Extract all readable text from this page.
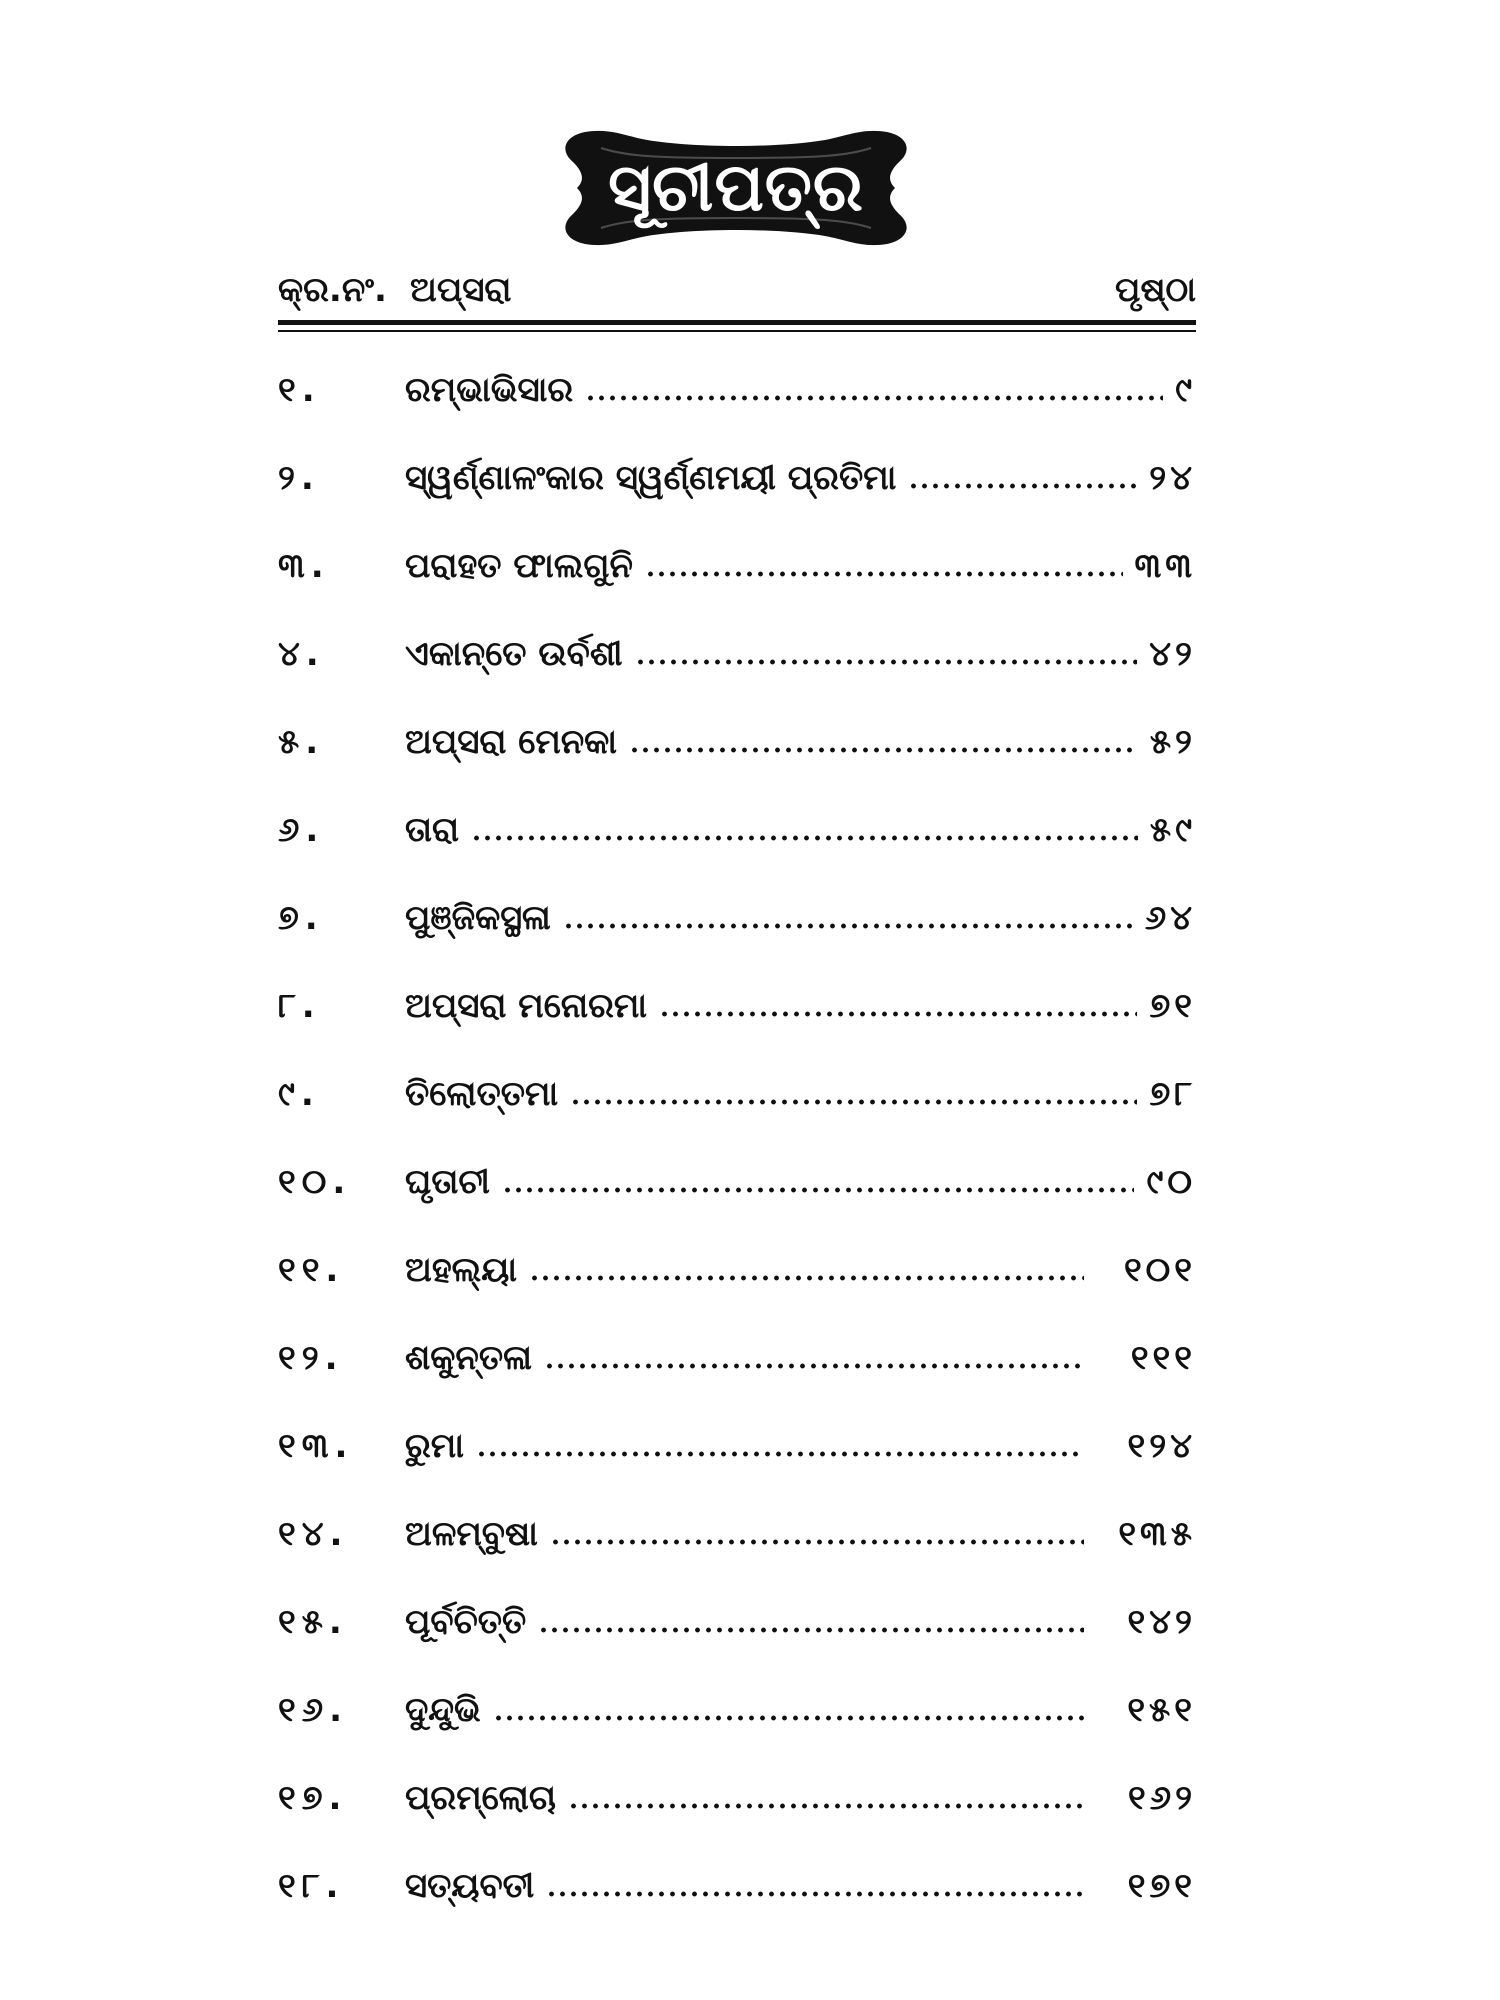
ସୂଚୀପତ୍ର
କ୍ର.ନଂ. ଅପ୍ସରା	ପୃଷ୍ଠା
୧.	ରମ୍ଭାଭିସାର	୯
୨.	ସ୍ୱର୍ଣ୍ଣାଳଂକାର ସ୍ୱର୍ଣ୍ଣମୟୀ ପ୍ରତିମା	୨୪
୩.	ପରାହତ ଫାଲଗୁନି	୩୩
୪.	ଏକାନ୍ତେ ଉର୍ବଶୀ	୪୨
୫.	ଅପ୍ସରା ମେନକା	୫୨
୬.	ତାରା	୫୯
୭.	ପୁଞ୍ଜିକସ୍ଥଳା	୬୪
୮.	ଅପ୍ସରା ମନୋରମା	୭୧
୯.	ତିଲୋତ୍ତମା	୭୮
୧୦.	ଘୃତାଚୀ	୯୦
୧୧.	ଅହଲ୍ୟା	୧୦୧
୧୨.	ଶକୁନ୍ତଳା	୧୧୧
୧୩.	ରୁମା	୧୨୪
୧୪.	ଅଳମ୍ବୁଷା	୧୩୫
୧୫.	ପୂର୍ବଚିତ୍ତି	୧୪୨
୧୬.	ଦୁନ୍ଦୁଭି	୧୫୧
୧୭.	ପ୍ରମ୍ଲୋଚା	୧୬୨
୧୮.	ସତ୍ୟବତୀ	୧୭୧
